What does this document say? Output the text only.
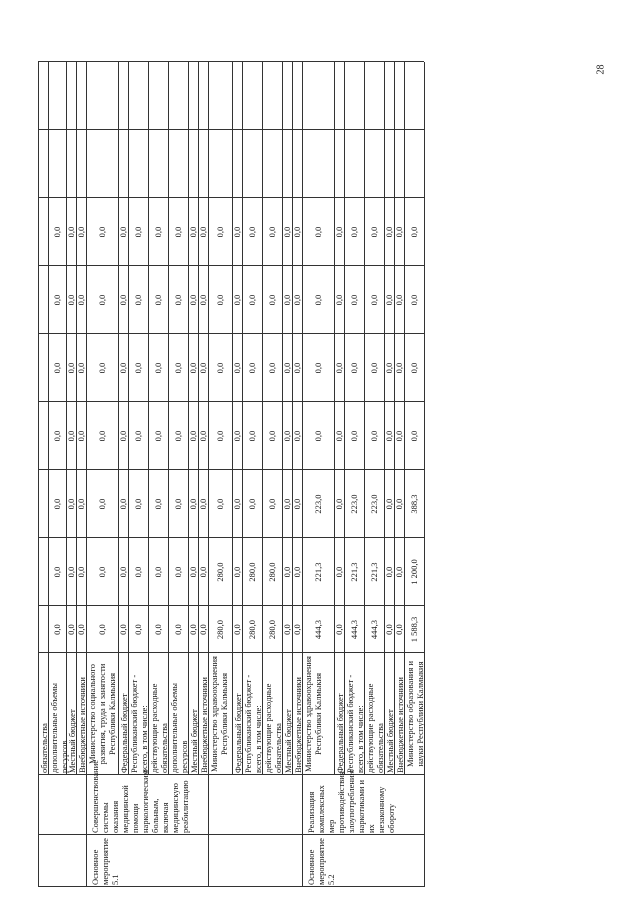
28
обязательства дополнительные объемы ресурсов
0,0
0,0
0,0
0,0
0,0
0,0
0,0
Местный бюджет
0,0
0,0
0,0
0,0
0,0
0,0
0,0
Внебюджетные источники
0,0
0,0
0,0
0,0
0,0
0,0
0,0
Министерство социального развития, труда и занятости Республики Калмыкия
0,0
0,0
0,0
0,0
0,0
0,0
0,0
Федеральный бюджет
0,0
0,0
0,0
0,0
0,0
0,0
0,0
Республиканский бюджет - всего, в том числе:
0,0
0,0
0,0
0,0
0,0
0,0
0,0
действующие расходные обязательства
0,0
0,0
0,0
0,0
0,0
0,0
0,0
дополнительные объемы ресурсов
0,0
0,0
0,0
0,0
0,0
0,0
0,0
Местный бюджет
0,0
0,0
0,0
0,0
0,0
0,0
0,0
Внебюджетные источники
0,0
0,0
0,0
0,0
0,0
0,0
0,0
Министерство здравоохранения Республики Калмыкия
280,0
280,0
0,0
0,0
0,0
0,0
0,0
Федеральный бюджет
0,0
0,0
0,0
0,0
0,0
0,0
0,0
Республиканский бюджет - всего, в том числе:
280,0
280,0
0,0
0,0
0,0
0,0
0,0
действующие расходные обязательства
280,0
280,0
0,0
0,0
0,0
0,0
0,0
Местный бюджет
0,0
0,0
0,0
0,0
0,0
0,0
0,0
Внебюджетные источники
0,0
0,0
0,0
0,0
0,0
0,0
0,0
Министерство здравоохранения Республики Калмыкия
444,3
221,3
223,0
0,0
0,0
0,0
0,0
Федеральный бюджет
0,0
0,0
0,0
0,0
0,0
0,0
0,0
Республиканский бюджет - всего, в том числе:
444,3
221,3
223,0
0,0
0,0
0,0
0,0
действующие расходные обязательства
444,3
221,3
223,0
0,0
0,0
0,0
0,0
Местный бюджет
0,0
0,0
0,0
0,0
0,0
0,0
0,0
Внебюджетные источники
0,0
0,0
0,0
0,0
0,0
0,0
0,0
Министерство образования и науки Республики Калмыкия
1 588,3
1 200,0
388,3
0,0
0,0
0,0
0,0
Основное мероприятие 5.1
Совершенствование системы оказания медицинской помощи наркологическим больным, включая медицинскую реабилитацию
Основное мероприятие 5.2
Реализация комплексных мер противодействия злоупотреблению наркотиками и их незаконному обороту
